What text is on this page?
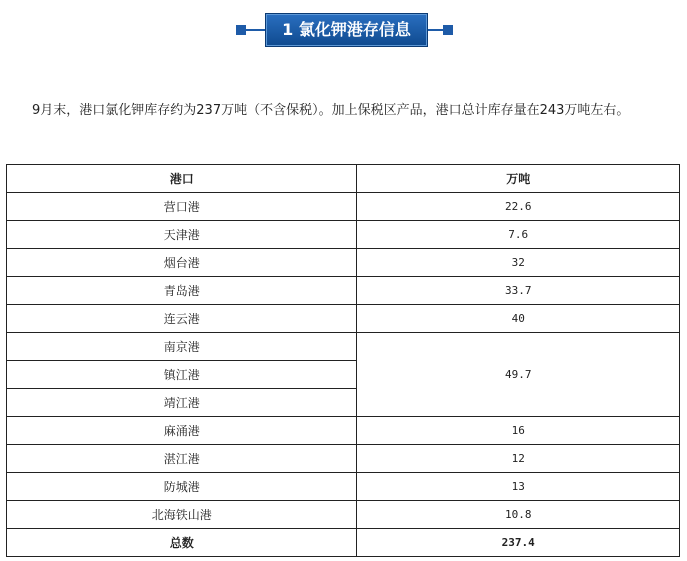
1 氯化钾港存信息

9月末，港口氯化钾库存约为237万吨（不含保税）。加上保税区产品，港口总计库存量在243万吨左右。

港口	万吨
营口港	22.6
天津港	7.6
烟台港	32
青岛港	33.7
连云港	40
南京港	49.7
镇江港	
靖江港	
麻涌港	16
湛江港	12
防城港	13
北海铁山港	10.8
总数	237.4
